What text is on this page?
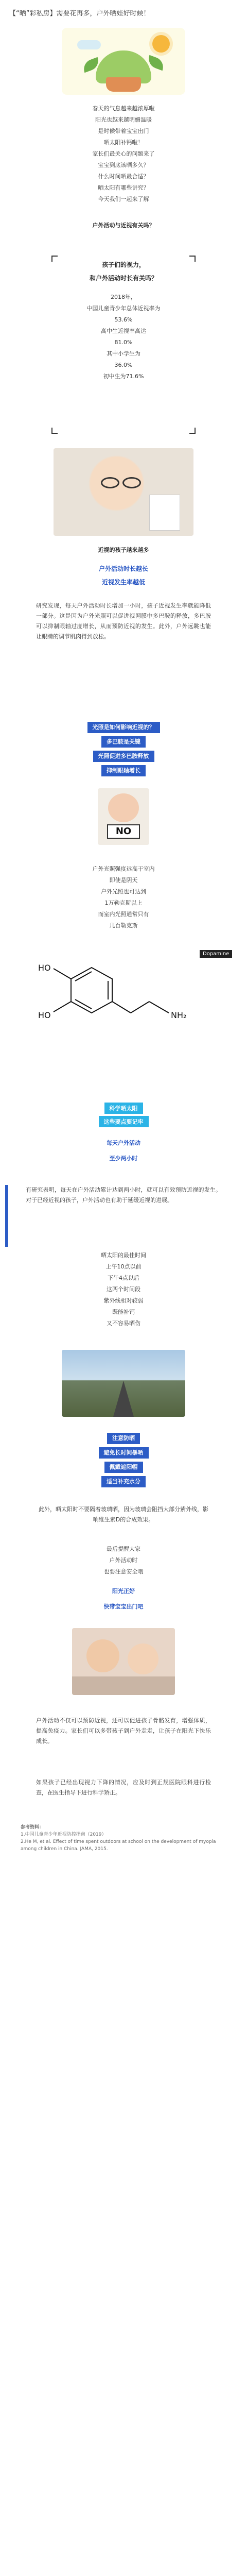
【“晒”彩私房】需要花再多，户外晒娃好时候！
春天的气息越来越浓厚啦
阳光也越来越明媚温暖
是时候带着宝宝出门
晒太阳补钙啦！
家长们最关心的问题来了
宝宝到底该晒多久？
什么时间晒最合适？
晒太阳有哪些讲究？
今天我们一起来了解
户外活动与近视有关吗？
孩子们的视力，
和户外活动时长有关吗？
2018年，
中国儿童青少年总体近视率为
53.6%
高中生近视率高达
81.0%
其中小学生为
36.0%
初中生为71.6%
近视的孩子越来越多
户外活动时长越长
近视发生率越低
研究发现，每天户外活动时长增加一小时，孩子近视发生率就能降低一部分。这是因为户外光照可以促进视网膜中多巴胺的释放，多巴胺可以抑制眼轴过度增长，从而预防近视的发生。此外，户外远眺也能让眼睛的调节肌肉得到放松。
光照是如何影响近视的？
多巴胺是关键
光照促进多巴胺释放
抑制眼轴增长
NO
户外光照强度远高于室内
即使是阴天
户外光照也可达到
1万勒克斯以上
而室内光照通常只有
几百勒克斯
Dopamine
HO
HO	NH₂
科学晒太阳
这些要点要记牢
每天户外活动
至少两小时
有研究表明，每天在户外活动累计达到两小时，就可以有效预防近视的发生。对于已经近视的孩子，户外活动也有助于延缓近视的进展。
晒太阳的最佳时间
上午10点以前
下午4点以后
这两个时间段
紫外线相对较弱
既能补钙
又不容易晒伤
注意防晒
避免长时间暴晒
佩戴遮阳帽
适当补充水分
此外，晒太阳时不要隔着玻璃晒，因为玻璃会阻挡大部分紫外线，影响维生素D的合成效果。
最后提醒大家
户外活动时
也要注意安全哦
阳光正好
快带宝宝出门吧
户外活动不仅可以预防近视，还可以促进孩子骨骼发育，增强体质，提高免疫力。家长们可以多带孩子到户外走走，让孩子在阳光下快乐成长。
如果孩子已经出现视力下降的情况，应及时到正规医院眼科进行检查，在医生指导下进行科学矫正。
参考资料：
1.中国儿童青少年近视防控指南（2019）
2.He M, et al. Effect of time spent outdoors at school on the development of myopia among children in China. JAMA, 2015.
